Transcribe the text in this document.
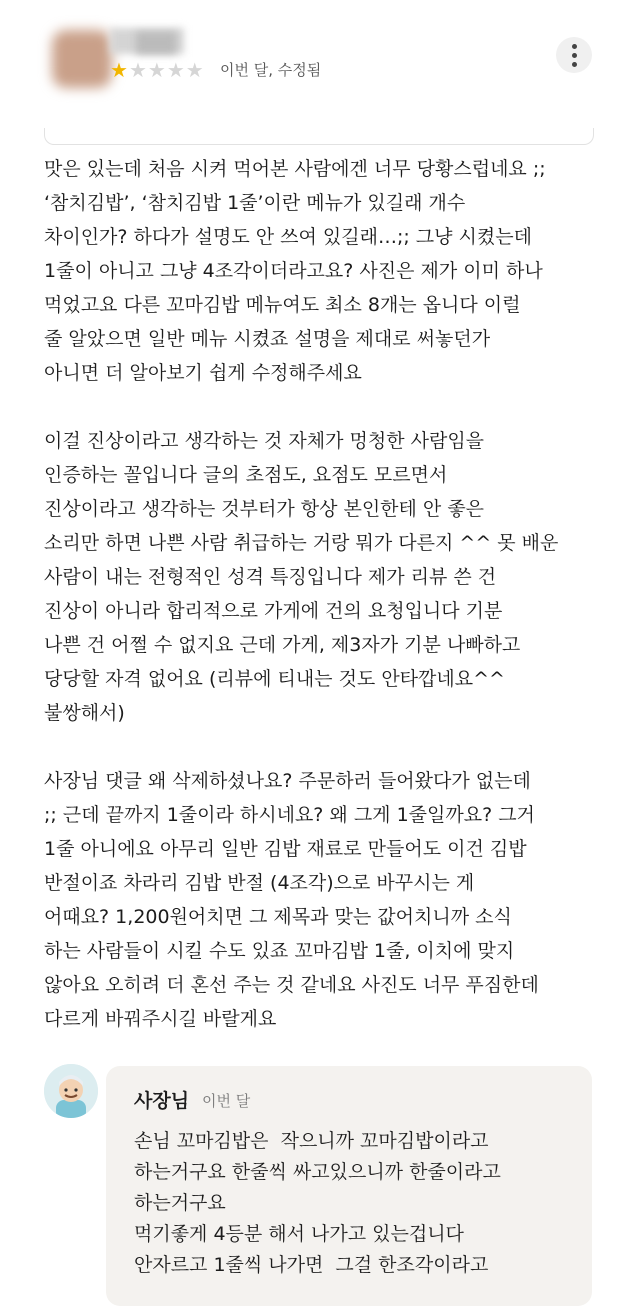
★★★★★ 이번 달, 수정됨

맛은 있는데 처음 시켜 먹어본 사람에겐 너무 당황스럽네요 ;;
‘참치김밥’, ‘참치김밥 1줄’이란 메뉴가 있길래 개수
차이인가? 하다가 설명도 안 쓰여 있길래…;; 그냥 시켰는데
1줄이 아니고 그냥 4조각이더라고요? 사진은 제가 이미 하나
먹었고요 다른 꼬마김밥 메뉴여도 최소 8개는 옵니다 이럴
줄 알았으면 일반 메뉴 시켰죠 설명을 제대로 써놓던가
아니면 더 알아보기 쉽게 수정해주세요

이걸 진상이라고 생각하는 것 자체가 멍청한 사람임을
인증하는 꼴입니다 글의 초점도, 요점도 모르면서
진상이라고 생각하는 것부터가 항상 본인한테 안 좋은
소리만 하면 나쁜 사람 취급하는 거랑 뭐가 다른지 ^^ 못 배운
사람이 내는 전형적인 성격 특징입니다 제가 리뷰 쓴 건
진상이 아니라 합리적으로 가게에 건의 요청입니다 기분
나쁜 건 어쩔 수 없지요 근데 가게, 제3자가 기분 나빠하고
당당할 자격 없어요 (리뷰에 티내는 것도 안타깝네요^^
불쌍해서)

사장님 댓글 왜 삭제하셨나요? 주문하러 들어왔다가 없는데
;; 근데 끝까지 1줄이라 하시네요? 왜 그게 1줄일까요? 그거
1줄 아니에요 아무리 일반 김밥 재료로 만들어도 이건 김밥
반절이죠 차라리 김밥 반절 (4조각)으로 바꾸시는 게
어때요? 1,200원어치면 그 제목과 맞는 값어치니까 소식
하는 사람들이 시킬 수도 있죠 꼬마김밥 1줄, 이치에 맞지
않아요 오히려 더 혼선 주는 것 같네요 사진도 너무 푸짐한데
다르게 바꿔주시길 바랄게요

사장님 이번 달

손님 꼬마김밥은  작으니까 꼬마김밥이라고
하는거구요 한줄씩 싸고있으니까 한줄이라고
하는거구요
먹기좋게 4등분 해서 나가고 있는겁니다
안자르고 1줄씩 나가면  그걸 한조각이라고
